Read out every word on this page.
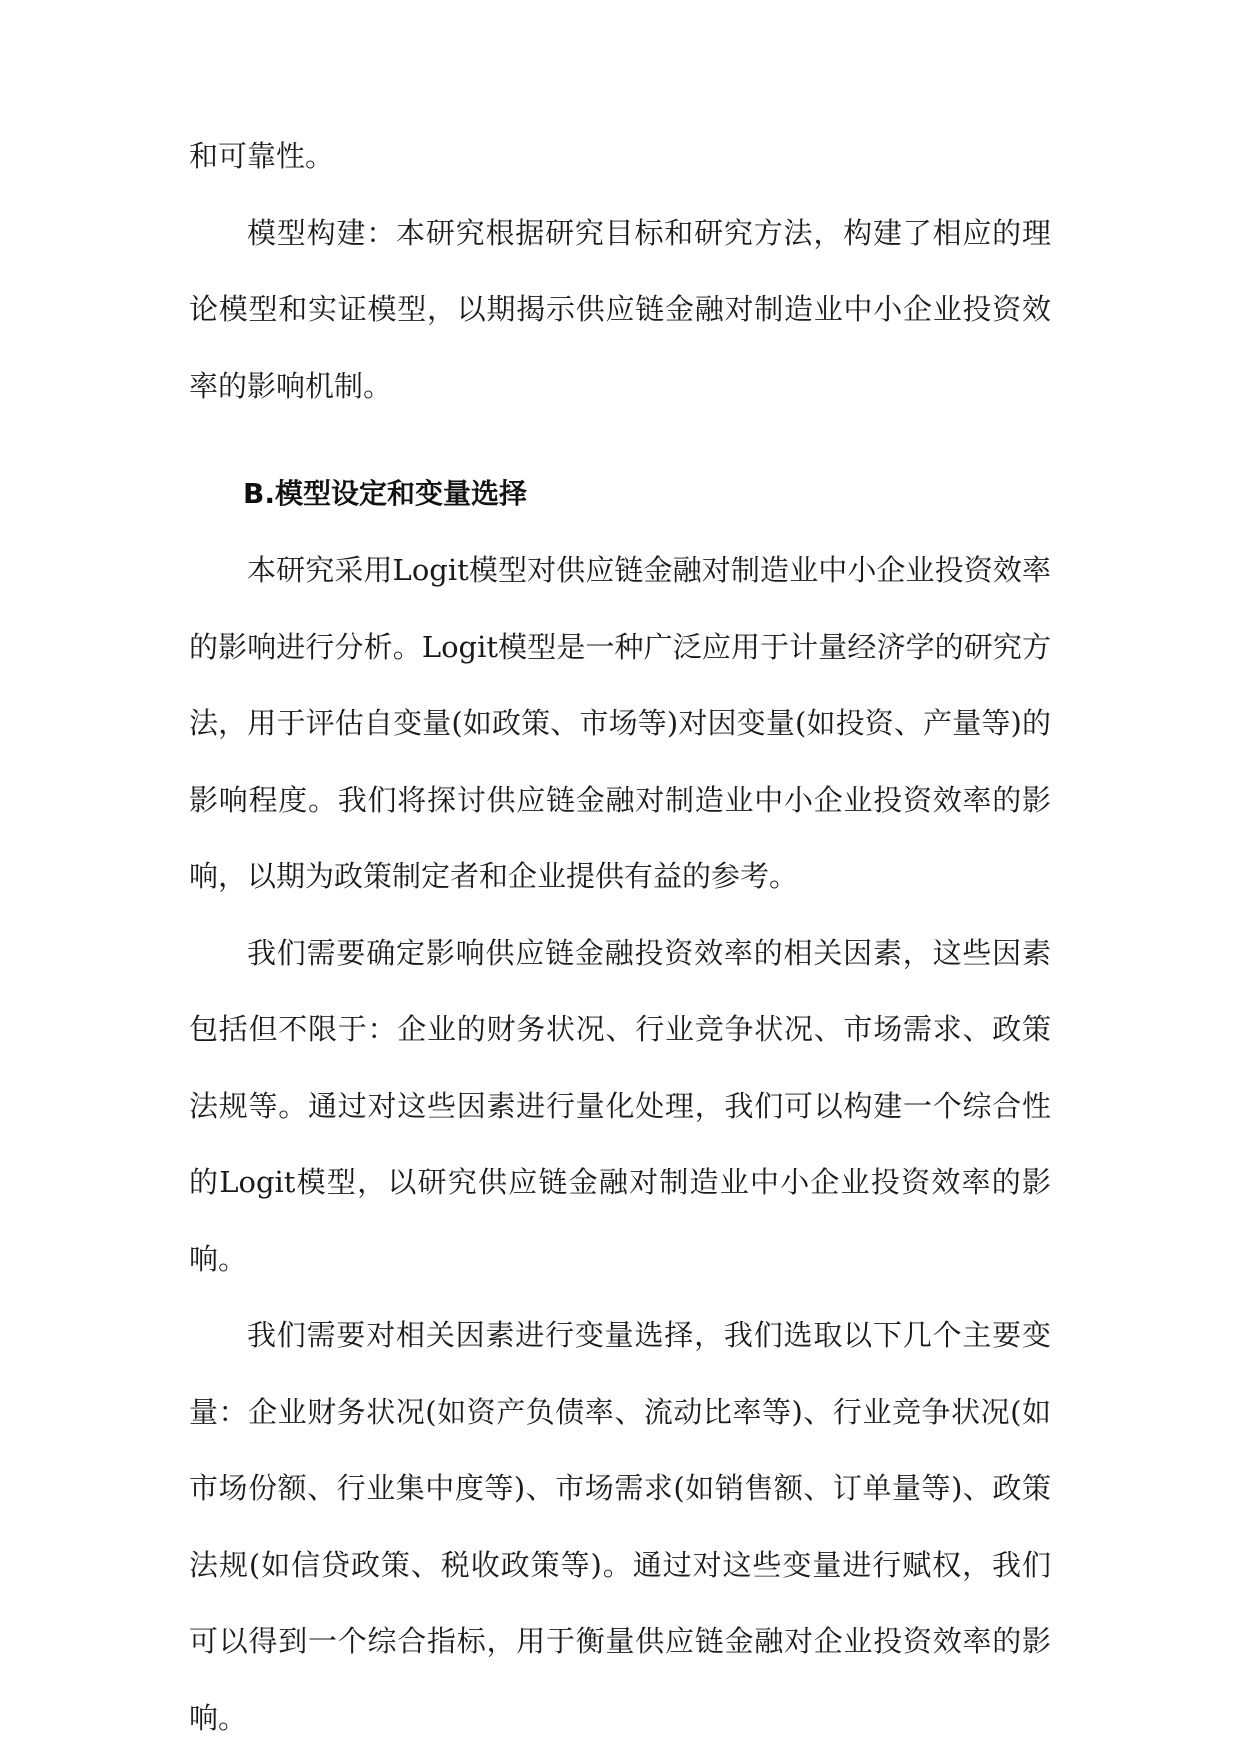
和可靠性。

模型构建：本研究根据研究目标和研究方法，构建了相应的理论模型和实证模型，以期揭示供应链金融对制造业中小企业投资效率的影响机制。

B.模型设定和变量选择

本研究采用Logit模型对供应链金融对制造业中小企业投资效率的影响进行分析。Logit模型是一种广泛应用于计量经济学的研究方法，用于评估自变量(如政策、市场等)对因变量(如投资、产量等)的影响程度。我们将探讨供应链金融对制造业中小企业投资效率的影响，以期为政策制定者和企业提供有益的参考。

我们需要确定影响供应链金融投资效率的相关因素，这些因素包括但不限于：企业的财务状况、行业竞争状况、市场需求、政策法规等。通过对这些因素进行量化处理，我们可以构建一个综合性的Logit模型，以研究供应链金融对制造业中小企业投资效率的影响。

我们需要对相关因素进行变量选择，我们选取以下几个主要变量：企业财务状况(如资产负债率、流动比率等)、行业竞争状况(如市场份额、行业集中度等)、市场需求(如销售额、订单量等)、政策法规(如信贷政策、税收政策等)。通过对这些变量进行赋权，我们可以得到一个综合指标，用于衡量供应链金融对企业投资效率的影响。
